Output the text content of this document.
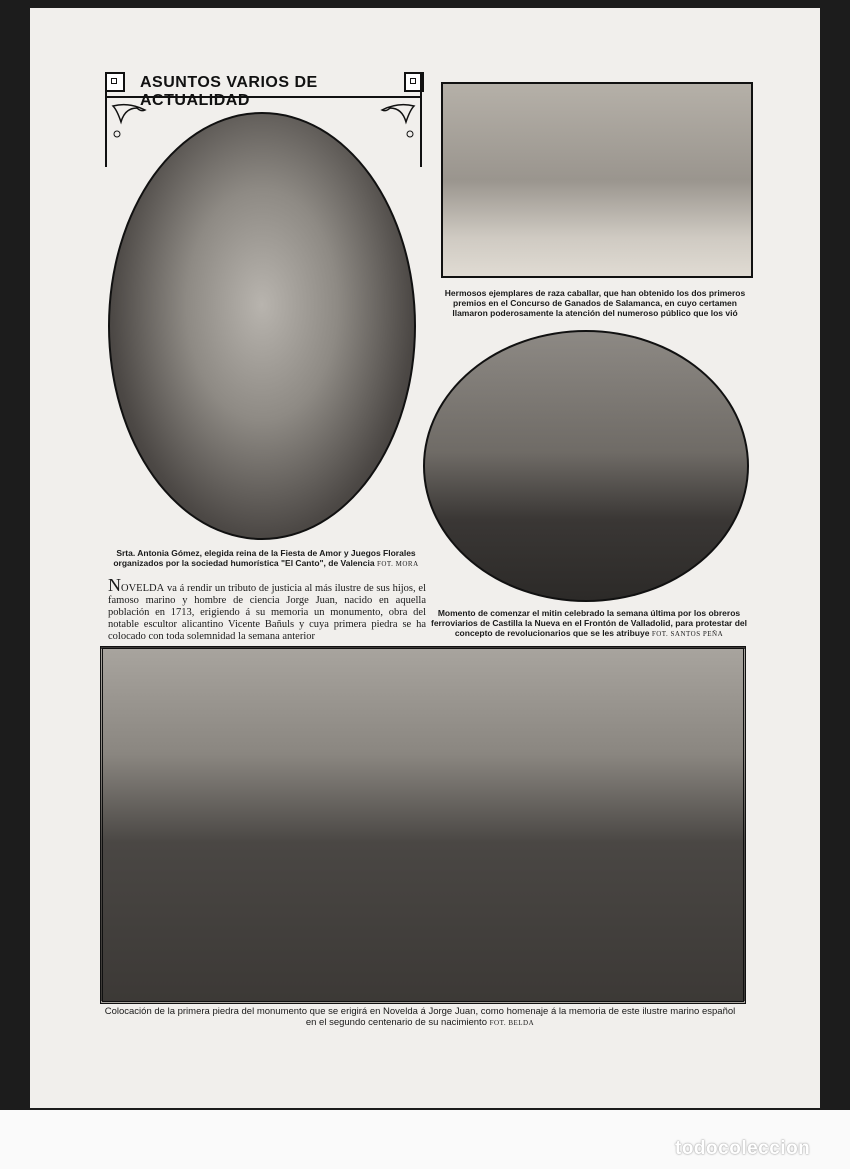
ASUNTOS VARIOS DE ACTUALIDAD
Hermosos ejemplares de raza caballar, que han obtenido los dos primeros premios en el Concurso de Ganados de Salamanca, en cuyo certamen llamaron poderosamente la atención del numeroso público que los vió
Srta. Antonia Gómez, elegida reina de la Fiesta de Amor y Juegos Florales organizados por la sociedad humorística "El Canto", de Valencia FOT. MORA
NOVELDA va á rendir un tributo de justicia al más ilustre de sus hijos, el famoso marino y hombre de ciencia Jorge Juan, nacido en aquella población en 1713, erigiendo á su memoria un monumento, obra del notable escultor alicantino Vicente Bañuls y cuya primera piedra se ha colocado con toda solemnidad la semana anterior
Momento de comenzar el mitin celebrado la semana última por los obreros ferroviarios de Castilla la Nueva en el Frontón de Valladolid, para protestar del concepto de revolucionarios que se les atribuye FOT. SANTOS PEÑA
Colocación de la primera piedra del monumento que se erigirá en Novelda á Jorge Juan, como homenaje á la memoria de este ilustre marino español en el segundo centenario de su nacimiento FOT. BELDA
todocoleccion
